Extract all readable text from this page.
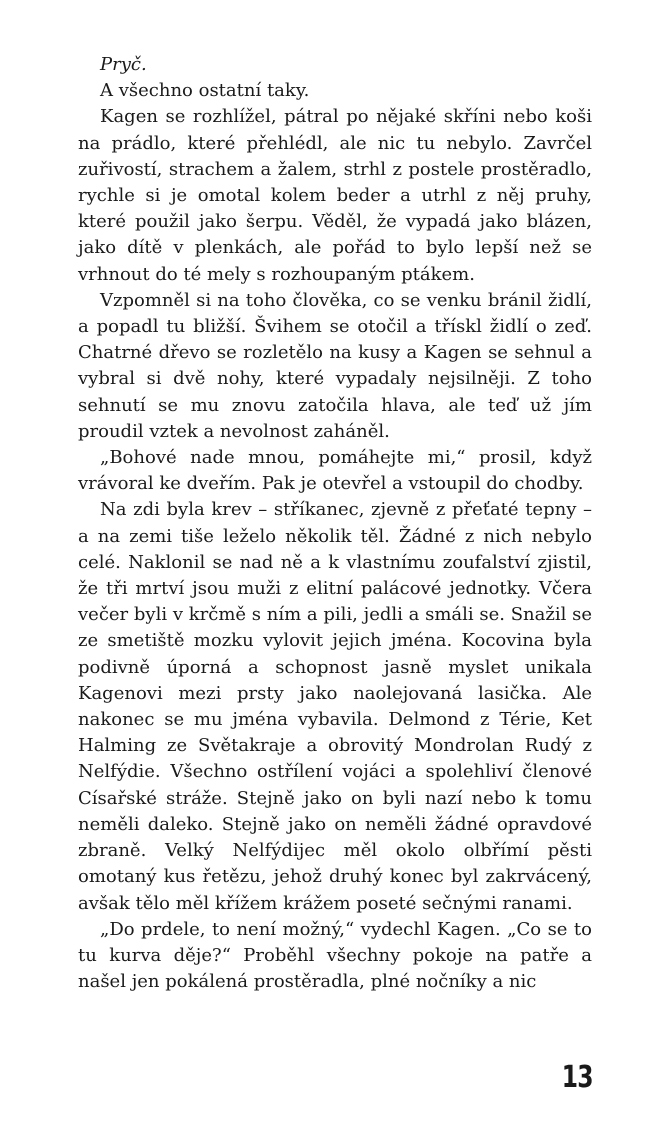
Pryč.

A všechno ostatní taky.

Kagen se rozhlížel, pátral po nějaké skříni nebo koši na prádlo, které přehlédl, ale nic tu nebylo. Zavrčel zuřivostí, strachem a žalem, strhl z postele prostěradlo, rychle si je omotal kolem beder a utrhl z něj pruhy, které použil jako šerpu. Věděl, že vypadá jako blázen, jako dítě v plenkách, ale pořád to bylo lepší než se vrhnout do té mely s rozhoupaným ptákem.

Vzpomněl si na toho člověka, co se venku bránil židlí, a popadl tu bližší. Švihem se otočil a třískl židlí o zeď. Chatrné dřevo se rozletělo na kusy a Kagen se sehnul a vybral si dvě nohy, které vypadaly nejsilněji. Z toho sehnutí se mu znovu zatočila hlava, ale teď už jím proudil vztek a nevolnost zaháněl.

„Bohové nade mnou, pomáhejte mi,“ prosil, když vrávoral ke dveřím. Pak je otevřel a vstoupil do chodby.

Na zdi byla krev – stříkanec, zjevně z přeťaté tepny – a na zemi tiše leželo několik těl. Žádné z nich nebylo celé. Naklonil se nad ně a k vlastnímu zoufalství zjistil, že tři mrtví jsou muži z elitní palácové jednotky. Včera večer byli v krčmě s ním a pili, jedli a smáli se. Snažil se ze smetiště mozku vylovit jejich jména. Kocovina byla podivně úporná a schopnost jasně myslet unikala Kagenovi mezi prsty jako naolejovaná lasička. Ale nakonec se mu jména vybavila. Delmond z Térie, Ket Halming ze Světakraje a obrovitý Mondrolan Rudý z Nelfýdie. Všechno ostřílení vojáci a spolehliví členové Císařské stráže. Stejně jako on byli nazí nebo k tomu neměli daleko. Stejně jako on neměli žádné opravdové zbraně. Velký Nelfýdijec měl okolo olbřímí pěsti omotaný kus řetězu, jehož druhý konec byl zakrvácený, avšak tělo měl křížem krážem poseté sečnými ranami.

„Do prdele, to není možný,“ vydechl Kagen. „Co se to tu kurva děje?“ Proběhl všechny pokoje na patře a našel jen pokálená prostěradla, plné nočníky a nic

13
